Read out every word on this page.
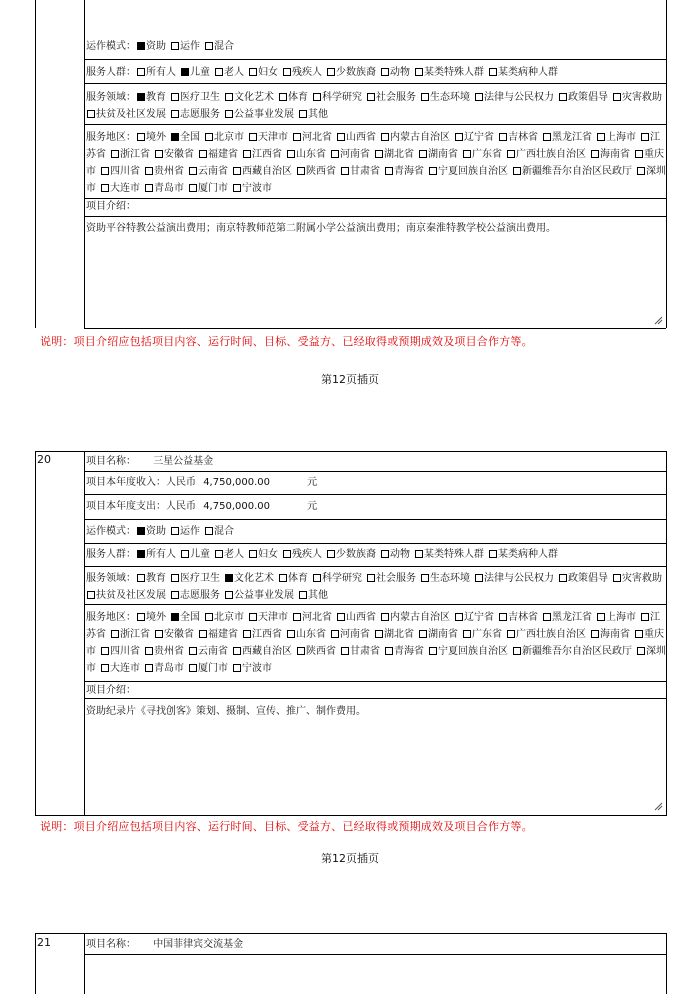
运作模式： 资助 运作 混合
服务人群： 所有人 儿童 老人 妇女 残疾人 少数族裔 动物 某类特殊人群 某类病种人群
服务领域： 教育 医疗卫生 文化艺术 体育 科学研究 社会服务 生态环境 法律与公民权力 政策倡导 灾害救助扶贫及社区发展 志愿服务 公益事业发展 其他
服务地区： 境外 全国 北京市 天津市 河北省 山西省 内蒙古自治区 辽宁省 吉林省 黑龙江省 上海市 江苏省 浙江省 安徽省 福建省 江西省 山东省 河南省 湖北省 湖南省 广东省 广西壮族自治区 海南省 重庆市 四川省 贵州省 云南省 西藏自治区 陕西省 甘肃省 青海省 宁夏回族自治区 新疆维吾尔自治区民政厅 深圳市 大连市 青岛市 厦门市 宁波市
项目介绍：
资助平谷特教公益演出费用；南京特教师范第二附属小学公益演出费用；南京秦淮特教学校公益演出费用。
说明：项目介绍应包括项目内容、运行时间、目标、受益方、已经取得或预期成效及项目合作方等。
第12页插页
20	项目名称： 三星公益基金
项目本年度收入：人民币 4,750,000.00	元
项目本年度支出：人民币 4,750,000.00	元
运作模式： 资助 运作 混合
服务人群： 所有人 儿童 老人 妇女 残疾人 少数族裔 动物 某类特殊人群 某类病种人群
服务领域： 教育 医疗卫生 文化艺术 体育 科学研究 社会服务 生态环境 法律与公民权力 政策倡导 灾害救助扶贫及社区发展 志愿服务 公益事业发展 其他
服务地区： 境外 全国 北京市 天津市 河北省 山西省 内蒙古自治区 辽宁省 吉林省 黑龙江省 上海市 江苏省 浙江省 安徽省 福建省 江西省 山东省 河南省 湖北省 湖南省 广东省 广西壮族自治区 海南省 重庆市 四川省 贵州省 云南省 西藏自治区 陕西省 甘肃省 青海省 宁夏回族自治区 新疆维吾尔自治区民政厅 深圳市 大连市 青岛市 厦门市 宁波市
项目介绍：
资助纪录片《寻找创客》策划、摄制、宣传、推广、制作费用。
说明：项目介绍应包括项目内容、运行时间、目标、受益方、已经取得或预期成效及项目合作方等。
第12页插页
21	项目名称： 中国菲律宾交流基金
